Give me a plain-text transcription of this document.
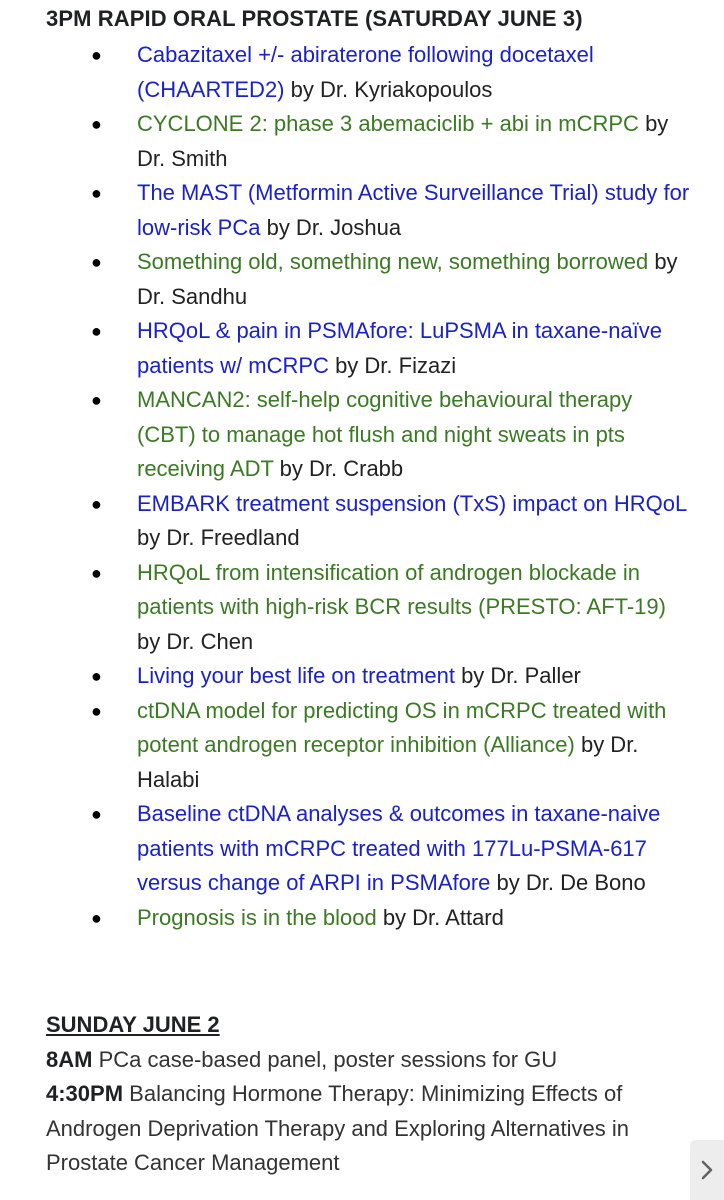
3PM RAPID ORAL PROSTATE (SATURDAY JUNE 3)
● Cabazitaxel +/- abiraterone following docetaxel (CHAARTED2) by Dr. Kyriakopoulos
● CYCLONE 2: phase 3 abemaciclib + abi in mCRPC by Dr. Smith
● The MAST (Metformin Active Surveillance Trial) study for low-risk PCa by Dr. Joshua
● Something old, something new, something borrowed by Dr. Sandhu
● HRQoL & pain in PSMAfore: LuPSMA in taxane-naïve patients w/ mCRPC by Dr. Fizazi
● MANCAN2: self-help cognitive behavioural therapy (CBT) to manage hot flush and night sweats in pts receiving ADT by Dr. Crabb
● EMBARK treatment suspension (TxS) impact on HRQoL by Dr. Freedland
● HRQoL from intensification of androgen blockade in patients with high-risk BCR results (PRESTO: AFT-19) by Dr. Chen
● Living your best life on treatment by Dr. Paller
● ctDNA model for predicting OS in mCRPC treated with potent androgen receptor inhibition (Alliance) by Dr. Halabi
● Baseline ctDNA analyses & outcomes in taxane-naive patients with mCRPC treated with 177Lu-PSMA-617 versus change of ARPI in PSMAfore by Dr. De Bono
● Prognosis is in the blood by Dr. Attard
SUNDAY JUNE 2
8AM PCa case-based panel, poster sessions for GU
4:30PM Balancing Hormone Therapy: Minimizing Effects of Androgen Deprivation Therapy and Exploring Alternatives in Prostate Cancer Management
